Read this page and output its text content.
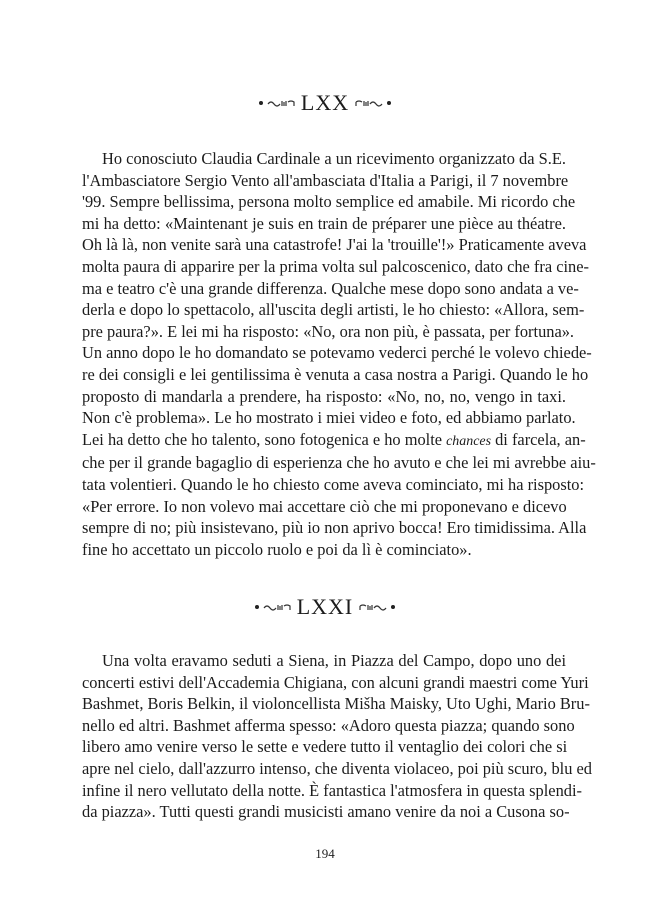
LXX
Ho conosciuto Claudia Cardinale a un ricevimento organizzato da S.E.
l'Ambasciatore Sergio Vento all'ambasciata d'Italia a Parigi, il 7 novembre
'99. Sempre bellissima, persona molto semplice ed amabile. Mi ricordo che
mi ha detto: «Maintenant je suis en train de préparer une pièce au théatre.
Oh là là, non venite sarà una catastrofe! J'ai la 'trouille'!» Praticamente aveva
molta paura di apparire per la prima volta sul palcoscenico, dato che fra cine-
ma e teatro c'è una grande differenza. Qualche mese dopo sono andata a ve-
derla e dopo lo spettacolo, all'uscita degli artisti, le ho chiesto: «Allora, sem-
pre paura?». E lei mi ha risposto: «No, ora non più, è passata, per fortuna».
Un anno dopo le ho domandato se potevamo vederci perché le volevo chiede-
re dei consigli e lei gentilissima è venuta a casa nostra a Parigi. Quando le ho
proposto di mandarla a prendere, ha risposto: «No, no, no, vengo in taxi.
Non c'è problema». Le ho mostrato i miei video e foto, ed abbiamo parlato.
Lei ha detto che ho talento, sono fotogenica e ho molte chances di farcela, an-
che per il grande bagaglio di esperienza che ho avuto e che lei mi avrebbe aiu-
tata volentieri. Quando le ho chiesto come aveva cominciato, mi ha risposto:
«Per errore. Io non volevo mai accettare ciò che mi proponevano e dicevo
sempre di no; più insistevano, più io non aprivo bocca! Ero timidissima. Alla
fine ho accettato un piccolo ruolo e poi da lì è cominciato».
LXXI
Una volta eravamo seduti a Siena, in Piazza del Campo, dopo uno dei
concerti estivi dell'Accademia Chigiana, con alcuni grandi maestri come Yuri
Bashmet, Boris Belkin, il violoncellista Mišha Maisky, Uto Ughi, Mario Bru-
nello ed altri. Bashmet afferma spesso: «Adoro questa piazza; quando sono
libero amo venire verso le sette e vedere tutto il ventaglio dei colori che si
apre nel cielo, dall'azzurro intenso, che diventa violaceo, poi più scuro, blu ed
infine il nero vellutato della notte. È fantastica l'atmosfera in questa splendi-
da piazza». Tutti questi grandi musicisti amano venire da noi a Cusona so-
194
